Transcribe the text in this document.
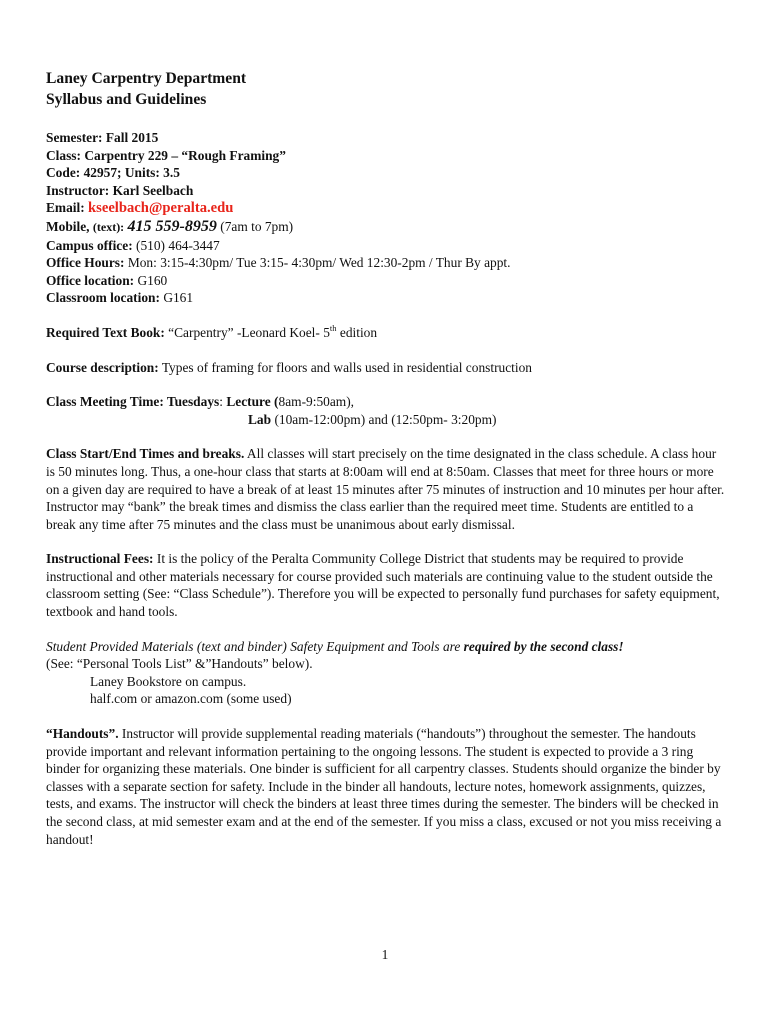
Laney Carpentry Department
Syllabus and Guidelines
Semester: Fall 2015
Class: Carpentry 229 – “Rough Framing”
Code: 42957; Units: 3.5
Instructor: Karl Seelbach
Email: kseelbach@peralta.edu
Mobile, (text): 415 559-8959 (7am to 7pm)
Campus office: (510) 464-3447
Office Hours: Mon: 3:15-4:30pm/ Tue 3:15- 4:30pm/ Wed 12:30-2pm / Thur By appt.
Office location: G160
Classroom location: G161

Required Text Book: “Carpentry” -Leonard Koel- 5th edition

Course description: Types of framing for floors and walls used in residential construction

Class Meeting Time: Tuesdays: Lecture (8am-9:50am),
Lab (10am-12:00pm) and (12:50pm- 3:20pm)

Class Start/End Times and breaks. All classes will start precisely on the time designated in the class schedule. A class hour is 50 minutes long. Thus, a one-hour class that starts at 8:00am will end at 8:50am. Classes that meet for three hours or more on a given day are required to have a break of at least 15 minutes after 75 minutes of instruction and 10 minutes per hour after. Instructor may “bank” the break times and dismiss the class earlier than the required meet time. Students are entitled to a break any time after 75 minutes and the class must be unanimous about early dismissal.

Instructional Fees: It is the policy of the Peralta Community College District that students may be required to provide instructional and other materials necessary for course provided such materials are continuing value to the student outside the classroom setting (See: “Class Schedule”). Therefore you will be expected to personally fund purchases for safety equipment, textbook and hand tools.

Student Provided Materials (text and binder) Safety Equipment and Tools are required by the second class!
(See: “Personal Tools List” &”Handouts” below).
Laney Bookstore on campus.
half.com or amazon.com (some used)

“Handouts”. Instructor will provide supplemental reading materials (“handouts”) throughout the semester. The handouts provide important and relevant information pertaining to the ongoing lessons. The student is expected to provide a 3 ring binder for organizing these materials. One binder is sufficient for all carpentry classes. Students should organize the binder by classes with a separate section for safety. Include in the binder all handouts, lecture notes, homework assignments, quizzes, tests, and exams. The instructor will check the binders at least three times during the semester. The binders will be checked in the second class, at mid semester exam and at the end of the semester. If you miss a class, excused or not you miss receiving a handout!

1
